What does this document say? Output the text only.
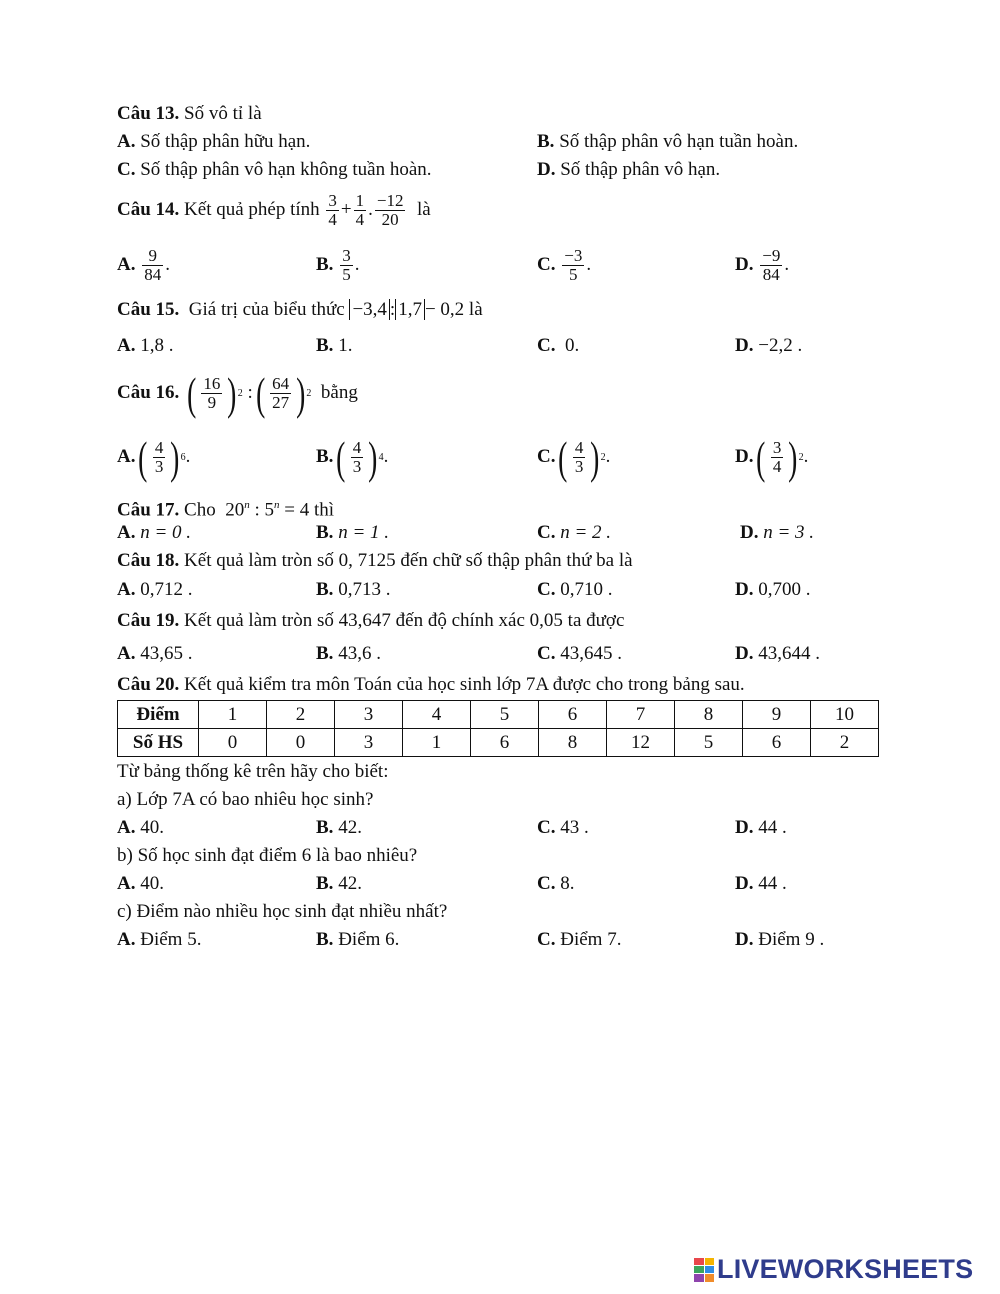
Câu 13. Số vô tỉ là
A. Số thập phân hữu hạn.	B. Số thập phân vô hạn tuần hoàn.
C. Số thập phân vô hạn không tuần hoàn.	D. Số thập phân vô hạn.
Câu 14. Kết quả phép tính $\frac{3}{4} + \frac{1}{4}$ . $\frac{-12}{20}$ là
A. $\frac{9}{84}$ .	B. $\frac{3}{5}$ .	C. $\frac{-3}{5}$ .	D. $\frac{-9}{84}$ .
Câu 15. Giá trị của biểu thức −3,4 : 1,7 − 0,2 là
A. 1,8 .	B. 1.	C. 0.	D. −2,2 .
Câu 16. ( $\frac{16}{9}$ ) 2 : ( $\frac{64}{27}$ ) 2 bằng
A. ( $\frac{4}{3}$ ) 6 .	B. ( $\frac{4}{3}$ ) 4 .	C. ( $\frac{4}{3}$ ) 2 .	D. ( $\frac{3}{4}$ ) 2 .
Câu 17. Cho 20$^n$ : $5^n = 4$ thì
A. n = 0 .	B. n = 1 .	C. n = 2 .	D. n = 3 .
Câu 18. Kết quả làm tròn số 0, 7125 đến chữ số thập phân thứ ba là
A. 0,712 .	B. 0,713 .	C. 0,710 .	D. 0,700 .
Câu 19. Kết quả làm tròn số 43,647 đến độ chính xác 0,05 ta được
A. 43,65 .	B. 43,6 .	C. 43,645 .	D. 43,644 .
Câu 20. Kết quả kiểm tra môn Toán của học sinh lớp 7A được cho trong bảng sau.
Điểm	1	2	3	4	5	6	7	8	9	10
Số HS	0	0	3	1	6	8	12	5	6	2
Từ bảng thống kê trên hãy cho biết:
a) Lớp 7A có bao nhiêu học sinh?
A. 40.	B. 42.	C. 43 .	D. 44 .
b) Số học sinh đạt điểm 6 là bao nhiêu?
A. 40.	B. 42.	C. 8.	D. 44 .
c) Điểm nào nhiều học sinh đạt nhiều nhất?
A. Điểm 5.	B. Điểm 6.	C. Điểm 7.	D. Điểm 9 .
LIVEWORKSHEETS
